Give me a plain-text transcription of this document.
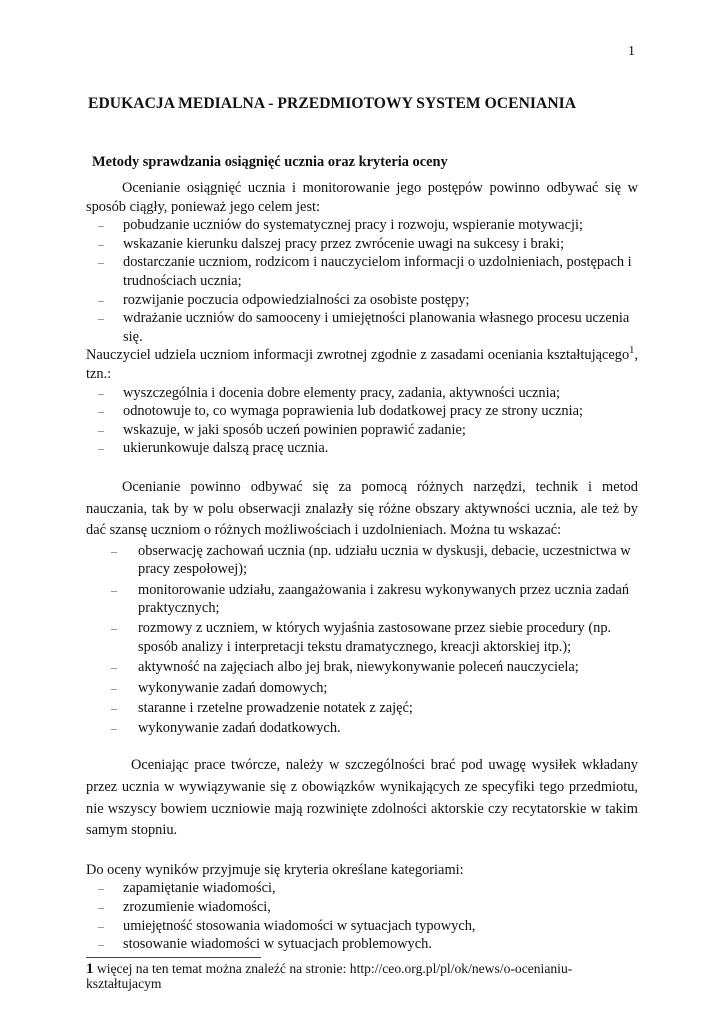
1
EDUKACJA MEDIALNA - PRZEDMIOTOWY SYSTEM OCENIANIA
Metody sprawdzania osiągnięć ucznia oraz kryteria oceny

Ocenianie osiągnięć ucznia i monitorowanie jego postępów powinno odbywać się w sposób ciągły, ponieważ jego celem jest:

– pobudzanie uczniów do systematycznej pracy i rozwoju, wspieranie motywacji;
– wskazanie kierunku dalszej pracy przez zwrócenie uwagi na sukcesy i braki;
– dostarczanie uczniom, rodzicom i nauczycielom informacji o uzdolnieniach, postępach i trudnościach ucznia;
– rozwijanie poczucia odpowiedzialności za osobiste postępy;
– wdrażanie uczniów do samooceny i umiejętności planowania własnego procesu uczenia się.

Nauczyciel udziela uczniom informacji zwrotnej zgodnie z zasadami oceniania kształtującego$^1$, tzn.:

– wyszczególnia i docenia dobre elementy pracy, zadania, aktywności ucznia;
– odnotowuje to, co wymaga poprawienia lub dodatkowej pracy ze strony ucznia;
– wskazuje, w jaki sposób uczeń powinien poprawić zadanie;
– ukierunkowuje dalszą pracę ucznia.

Ocenianie powinno odbywać się za pomocą różnych narzędzi, technik i metod nauczania, tak by w polu obserwacji znalazły się różne obszary aktywności ucznia, ale też by dać szansę uczniom o różnych możliwościach i uzdolnieniach. Można tu wskazać:

– obserwację zachowań ucznia (np. udziału ucznia w dyskusji, debacie, uczestnictwa w pracy zespołowej);
– monitorowanie udziału, zaangażowania i zakresu wykonywanych przez ucznia zadań praktycznych;
– rozmowy z uczniem, w których wyjaśnia zastosowane przez siebie procedury (np. sposób analizy i interpretacji tekstu dramatycznego, kreacji aktorskiej itp.);
– aktywność na zajęciach albo jej brak, niewykonywanie poleceń nauczyciela;
– wykonywanie zadań domowych;
– staranne i rzetelne prowadzenie notatek z zajęć;
– wykonywanie zadań dodatkowych.

Oceniając prace twórcze, należy w szczególności brać pod uwagę wysiłek wkładany przez ucznia w wywiązywanie się z obowiązków wynikających ze specyfiki tego przedmiotu, nie wszyscy bowiem uczniowie mają rozwinięte zdolności aktorskie czy recytatorskie w takim samym stopniu.

Do oceny wyników przyjmuje się kryteria określane kategoriami:

– zapamiętanie wiadomości,
– zrozumienie wiadomości,
– umiejętność stosowania wiadomości w sytuacjach typowych,
– stosowanie wiadomości w sytuacjach problemowych.
1 więcej na ten temat można znaleźć na stronie: http://ceo.org.pl/pl/ok/news/o-ocenianiu-kształtujacym
